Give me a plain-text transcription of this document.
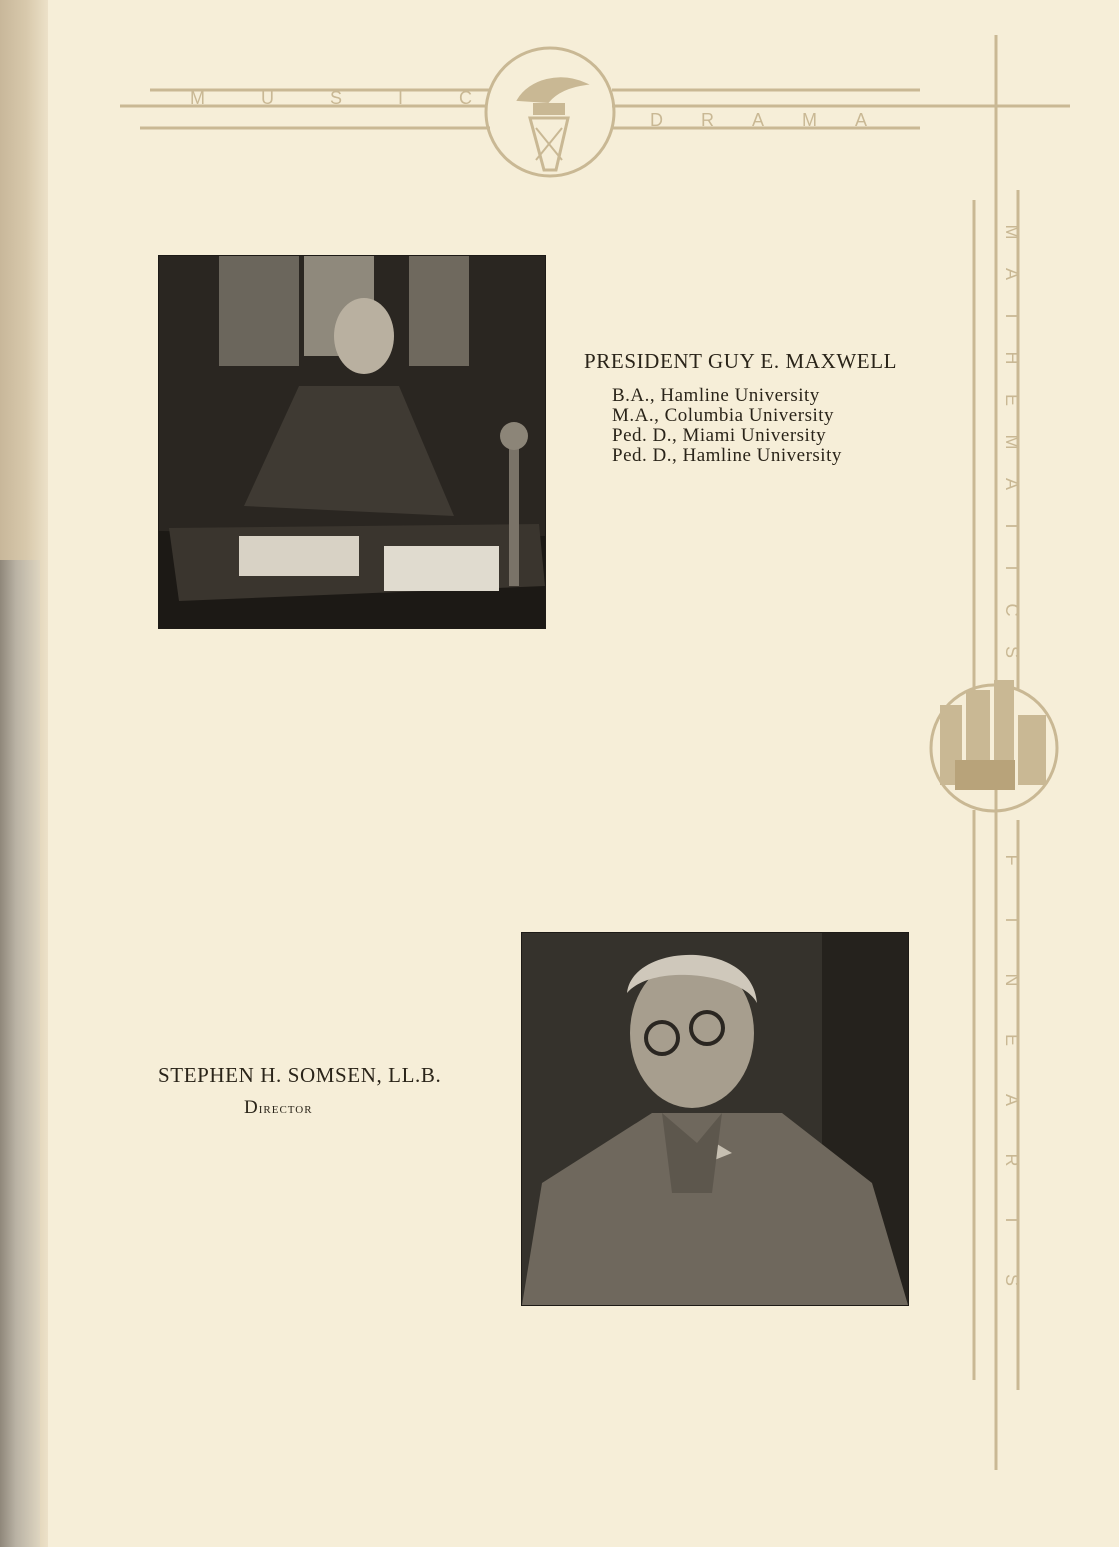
MUSIC
DRAMA
M
A
T
H
E
M
A
T
I
C
S
F
I
N
E
A
R
T
S
PRESIDENT GUY E. MAXWELL

B.A., Hamline University

M.A., Columbia University

Ped. D., Miami University

Ped. D., Hamline University

STEPHEN H. SOMSEN, LL.B.
Director
